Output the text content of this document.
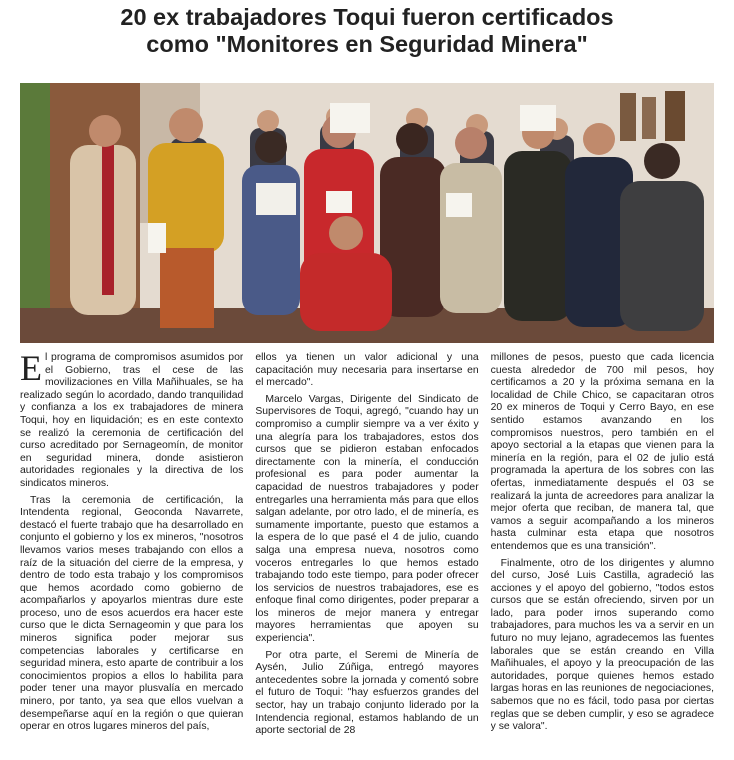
20 ex trabajadores Toqui fueron certificados
como "Monitores en Seguridad Minera"

El programa de compromisos asumidos por el Gobierno, tras el cese de las movilizaciones en Villa Mañihuales, se ha realizado según lo acordado, dando tranquilidad y confianza a los ex trabajadores de minera Toqui, hoy en liquidación; es en este contexto se realizó la ceremonia de certificación del curso acreditado por Sernageomín, de monitor en seguridad minera, donde asistieron autoridades regionales y la directiva de los sindicatos mineros.

Tras la ceremonia de certificación, la Intendenta regional, Geoconda Navarrete, destacó el fuerte trabajo que ha desarrollado en conjunto el gobierno y los ex mineros, "nosotros llevamos varios meses trabajando con ellos a raíz de la situación del cierre de la empresa, y dentro de todo esta trabajo y los compromisos que hemos acordado como gobierno de acompañarlos y apoyarlos mientras dure este proceso, uno de esos acuerdos era hacer este curso que le dicta Sernageomin y que para los mineros significa poder mejorar sus competencias laborales y certificarse en seguridad minera, esto aparte de contribuir a los conocimientos propios a ellos lo habilita para poder tener una mayor plusvalía en mercado minero, por tanto, ya sea que ellos vuelvan a desempeñarse aquí en la región o que quieran operar en otros lugares mineros del país,

ellos ya tienen un valor adicional y una capacitación muy necesaria para insertarse en el mercado".

Marcelo Vargas, Dirigente del Sindicato de Supervisores de Toqui, agregó, "cuando hay un compromiso a cumplir siempre va a ver éxito y una alegría para los trabajadores, estos dos cursos que se pidieron estaban enfocados directamente con la minería, el conducción profesional es para poder aumentar la capacidad de nuestros trabajadores y poder entregarles una herramienta más para que ellos salgan adelante, por otro lado, el de minería, es sumamente importante, puesto que estamos a la espera de lo que pasé el 4 de julio, cuando salga una empresa nueva, nosotros como voceros entregarles lo que hemos estado trabajando todo este tiempo, para poder ofrecer los servicios de nuestros trabajadores, ese es enfoque final como dirigentes, poder preparar a los mineros de mejor manera y entregar mayores herramientas que apoyen su experiencia".

Por otra parte, el Seremi de Minería de Aysén, Julio Zúñiga, entregó mayores antecedentes sobre la jornada y comentó sobre el futuro de Toqui: "hay esfuerzos grandes del sector, hay un trabajo conjunto liderado por la Intendencia regional, estamos hablando de un aporte sectorial de 28

millones de pesos, puesto que cada licencia cuesta alrededor de 700 mil pesos, hoy certificamos a 20 y la próxima semana en la localidad de Chile Chico, se capacitaran otros 20 ex mineros de Toqui y Cerro Bayo, en ese sentido estamos avanzando en los compromisos nuestros, pero también en el apoyo sectorial a la etapas que vienen para la minería en la región, para el 02 de julio está programada la apertura de los sobres con las ofertas, inmediatamente después el 03 se realizará la junta de acreedores para analizar la mejor oferta que reciban, de manera tal, que vamos a seguir acompañando a los mineros hasta culminar esta etapa que nosotros entendemos que es una transición".

Finalmente, otro de los dirigentes y alumno del curso, José Luis Castilla, agradeció las acciones y el apoyo del gobierno, "todos estos cursos que se están ofreciendo, sirven por un lado, para poder irnos superando como trabajadores, para muchos les va a servir en un futuro no muy lejano, agradecemos las fuentes laborales que se están creando en Villa Mañihuales, el apoyo y la preocupación de las autoridades, porque quienes hemos estado largas horas en las reuniones de negociaciones, sabemos que no es fácil, todo pasa por ciertas reglas que se deben cumplir, y eso se agradece y se valora".
